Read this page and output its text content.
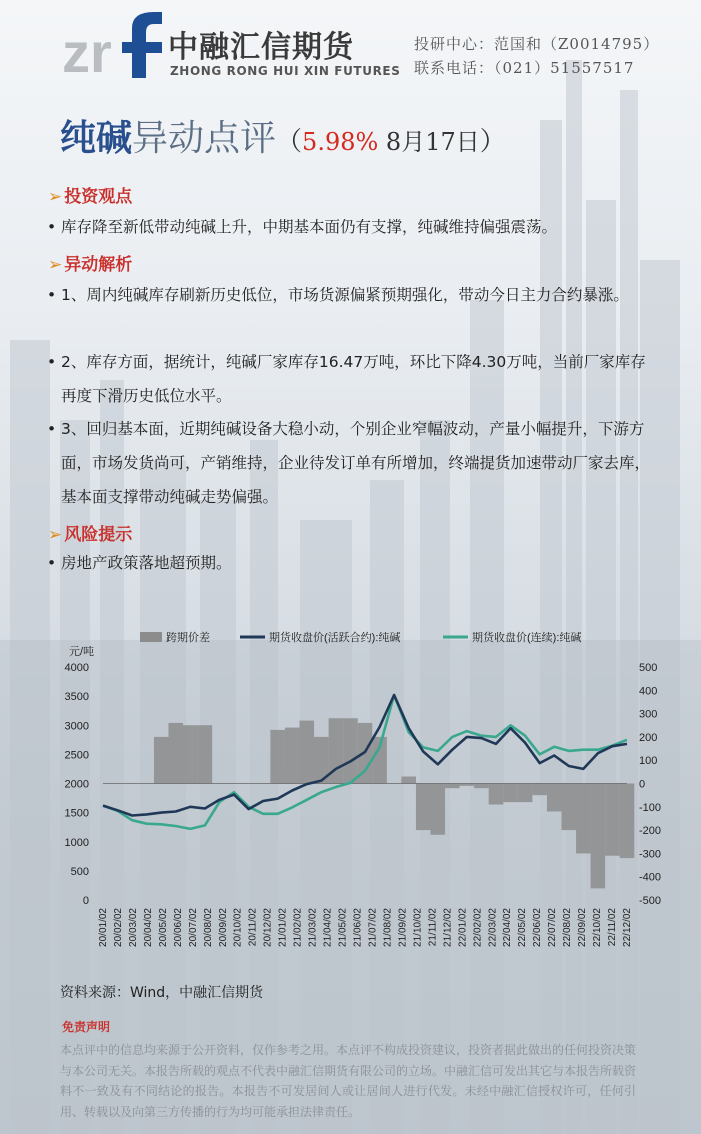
zr 中融汇信期货
ZHONG RONG HUI XIN FUTURES
投研中心：范国和（Z0014795）
联系电话：（021）51557517
纯碱异动点评（5.98% 8月17日）
➢ 投资观点
• 库存降至新低带动纯碱上升，中期基本面仍有支撑，纯碱维持偏强震荡。
➢ 异动解析
• 1、周内纯碱库存刷新历史低位，市场货源偏紧预期强化，带动今日主力合约暴涨。
• 2、库存方面，据统计，纯碱厂家库存16.47万吨，环比下降4.30万吨，当前厂家库存再度下滑历史低位水平。
• 3、回归基本面，近期纯碱设备大稳小动，个别企业窄幅波动，产量小幅提升，下游方面，市场发货尚可，产销维持，企业待发订单有所增加，终端提货加速带动厂家去库，基本面支撑带动纯碱走势偏强。
➢ 风险提示
• 房地产政策落地超预期。
元/吨
跨期价差	期货收盘价(活跃合约):纯碱	期货收盘价(连续):纯碱
0
500
1000
1500
2000
2500
3000
3500
4000
-500
-400
-300
-200
-100
0
100
200
300
400
500
20/01/02 20/02/02 20/03/02 20/04/02 20/05/02 20/06/02 20/07/02 20/08/02 20/09/02 20/10/02 20/11/02 20/12/02 21/01/02 21/02/02 21/03/02 21/04/02 21/05/02 21/06/02 21/07/02 21/08/02 21/09/02 21/10/02 21/11/02 21/12/02 22/01/02 22/02/02 22/03/02 22/04/02 22/05/02 22/06/02 22/07/02 22/08/02 22/09/02 22/10/02 22/11/02 22/12/02
资料来源：Wind，中融汇信期货
免责声明
本点评中的信息均来源于公开资料，仅作参考之用。本点评不构成投资建议，投资者据此做出的任何投资决策与本公司无关。本报告所载的观点不代表中融汇信期货有限公司的立场。中融汇信可发出其它与本报告所载资料不一致及有不同结论的报告。本报告不可发居间人或让居间人进行代发。未经中融汇信授权许可，任何引用、转载以及向第三方传播的行为均可能承担法律责任。
